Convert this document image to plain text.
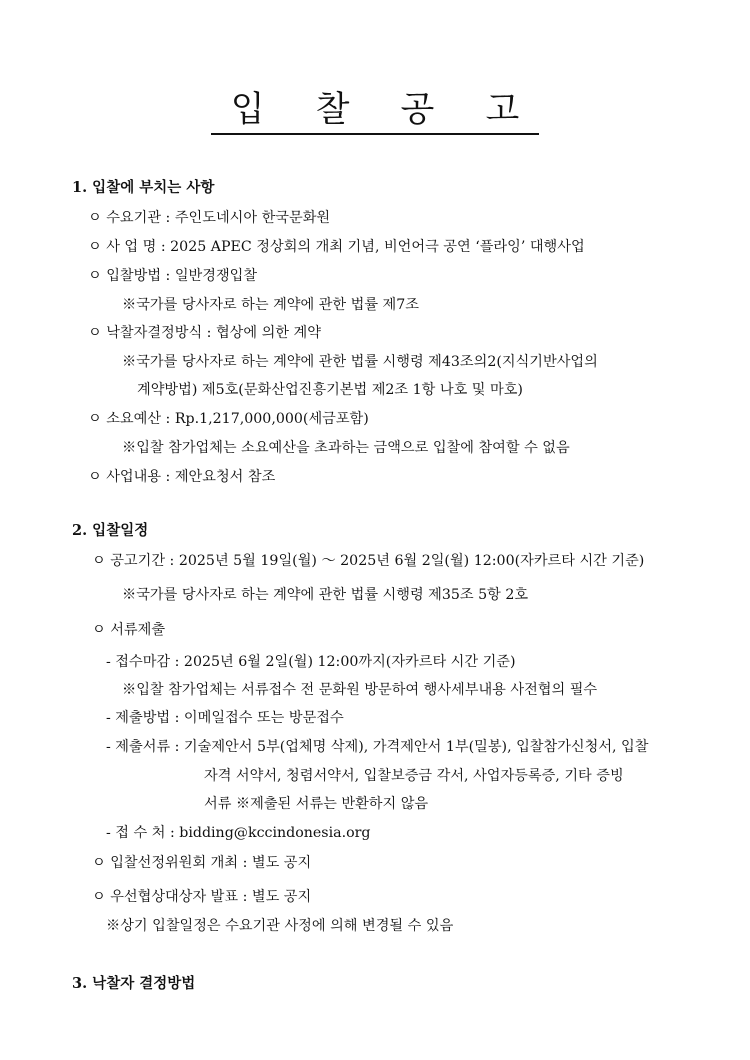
입 찰 공 고
1. 입찰에 부치는 사항
ㅇ 수요기관 : 주인도네시아 한국문화원
ㅇ 사 업 명 : 2025 APEC 정상회의 개최 기념, 비언어극 공연 ‘플라잉’ 대행사업
ㅇ 입찰방법 : 일반경쟁입찰
※국가를 당사자로 하는 계약에 관한 법률 제7조
ㅇ 낙찰자결정방식 : 협상에 의한 계약
※국가를 당사자로 하는 계약에 관한 법률 시행령 제43조의2(지식기반사업의
계약방법) 제5호(문화산업진흥기본법 제2조 1항 나호 및 마호)
ㅇ 소요예산 : Rp.1,217,000,000(세금포함)
※입찰 참가업체는 소요예산을 초과하는 금액으로 입찰에 참여할 수 없음
ㅇ 사업내용 : 제안요청서 참조
2. 입찰일정
ㅇ 공고기간 : 2025년 5월 19일(월) ～ 2025년 6월 2일(월) 12:00(자카르타 시간 기준)
※국가를 당사자로 하는 계약에 관한 법률 시행령 제35조 5항 2호
ㅇ 서류제출
- 접수마감 : 2025년 6월 2일(월) 12:00까지(자카르타 시간 기준)
※입찰 참가업체는 서류접수 전 문화원 방문하여 행사세부내용 사전협의 필수
- 제출방법 : 이메일접수 또는 방문접수
- 제출서류 : 기술제안서 5부(업체명 삭제), 가격제안서 1부(밀봉), 입찰참가신청서, 입찰
자격 서약서, 청렴서약서, 입찰보증금 각서, 사업자등록증, 기타 증빙
서류 ※제출된 서류는 반환하지 않음
- 접 수 처 : bidding@kccindonesia.org
ㅇ 입찰선정위원회 개최 : 별도 공지
ㅇ 우선협상대상자 발표 : 별도 공지
※상기 입찰일정은 수요기관 사정에 의해 변경될 수 있음
3. 낙찰자 결정방법
